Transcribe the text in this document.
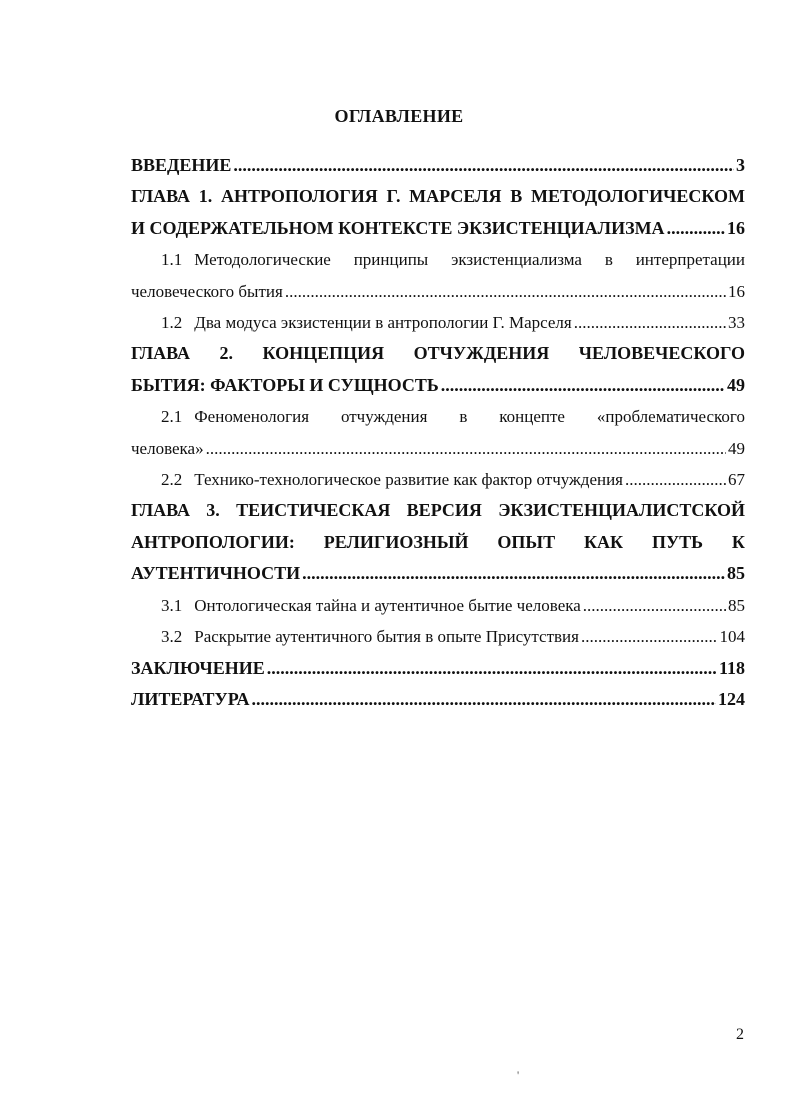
ОГЛАВЛЕНИЕ
ВВЕДЕНИЕ .....	3
ГЛАВА 1. АНТРОПОЛОГИЯ Г. МАРСЕЛЯ В МЕТОДОЛОГИЧЕСКОМ
И СОДЕРЖАТЕЛЬНОМ КОНТЕКСТЕ ЭКЗИСТЕНЦИАЛИЗМА .....	16
1.1 Методологические принципы экзистенциализма в интерпретации
человеческого бытия .....	16
1.2 Два модуса экзистенции в антропологии Г. Марселя .....	33
ГЛАВА 2. КОНЦЕПЦИЯ ОТЧУЖДЕНИЯ ЧЕЛОВЕЧЕСКОГО
БЫТИЯ: ФАКТОРЫ И СУЩНОСТЬ .....	49
2.1 Феноменология отчуждения в концепте «проблематического
человека» .....	49
2.2 Технико-технологическое развитие как фактор отчуждения .....	67
ГЛАВА 3. ТЕИСТИЧЕСКАЯ ВЕРСИЯ ЭКЗИСТЕНЦИАЛИСТСКОЙ
АНТРОПОЛОГИИ: РЕЛИГИОЗНЫЙ ОПЫТ КАК ПУТЬ К
АУТЕНТИЧНОСТИ .....	85
3.1 Онтологическая тайна и аутентичное бытие человека .....	85
3.2 Раскрытие аутентичного бытия в опыте Присутствия .....	104
ЗАКЛЮЧЕНИЕ .....	118
ЛИТЕРАТУРА .....	124
2
'
